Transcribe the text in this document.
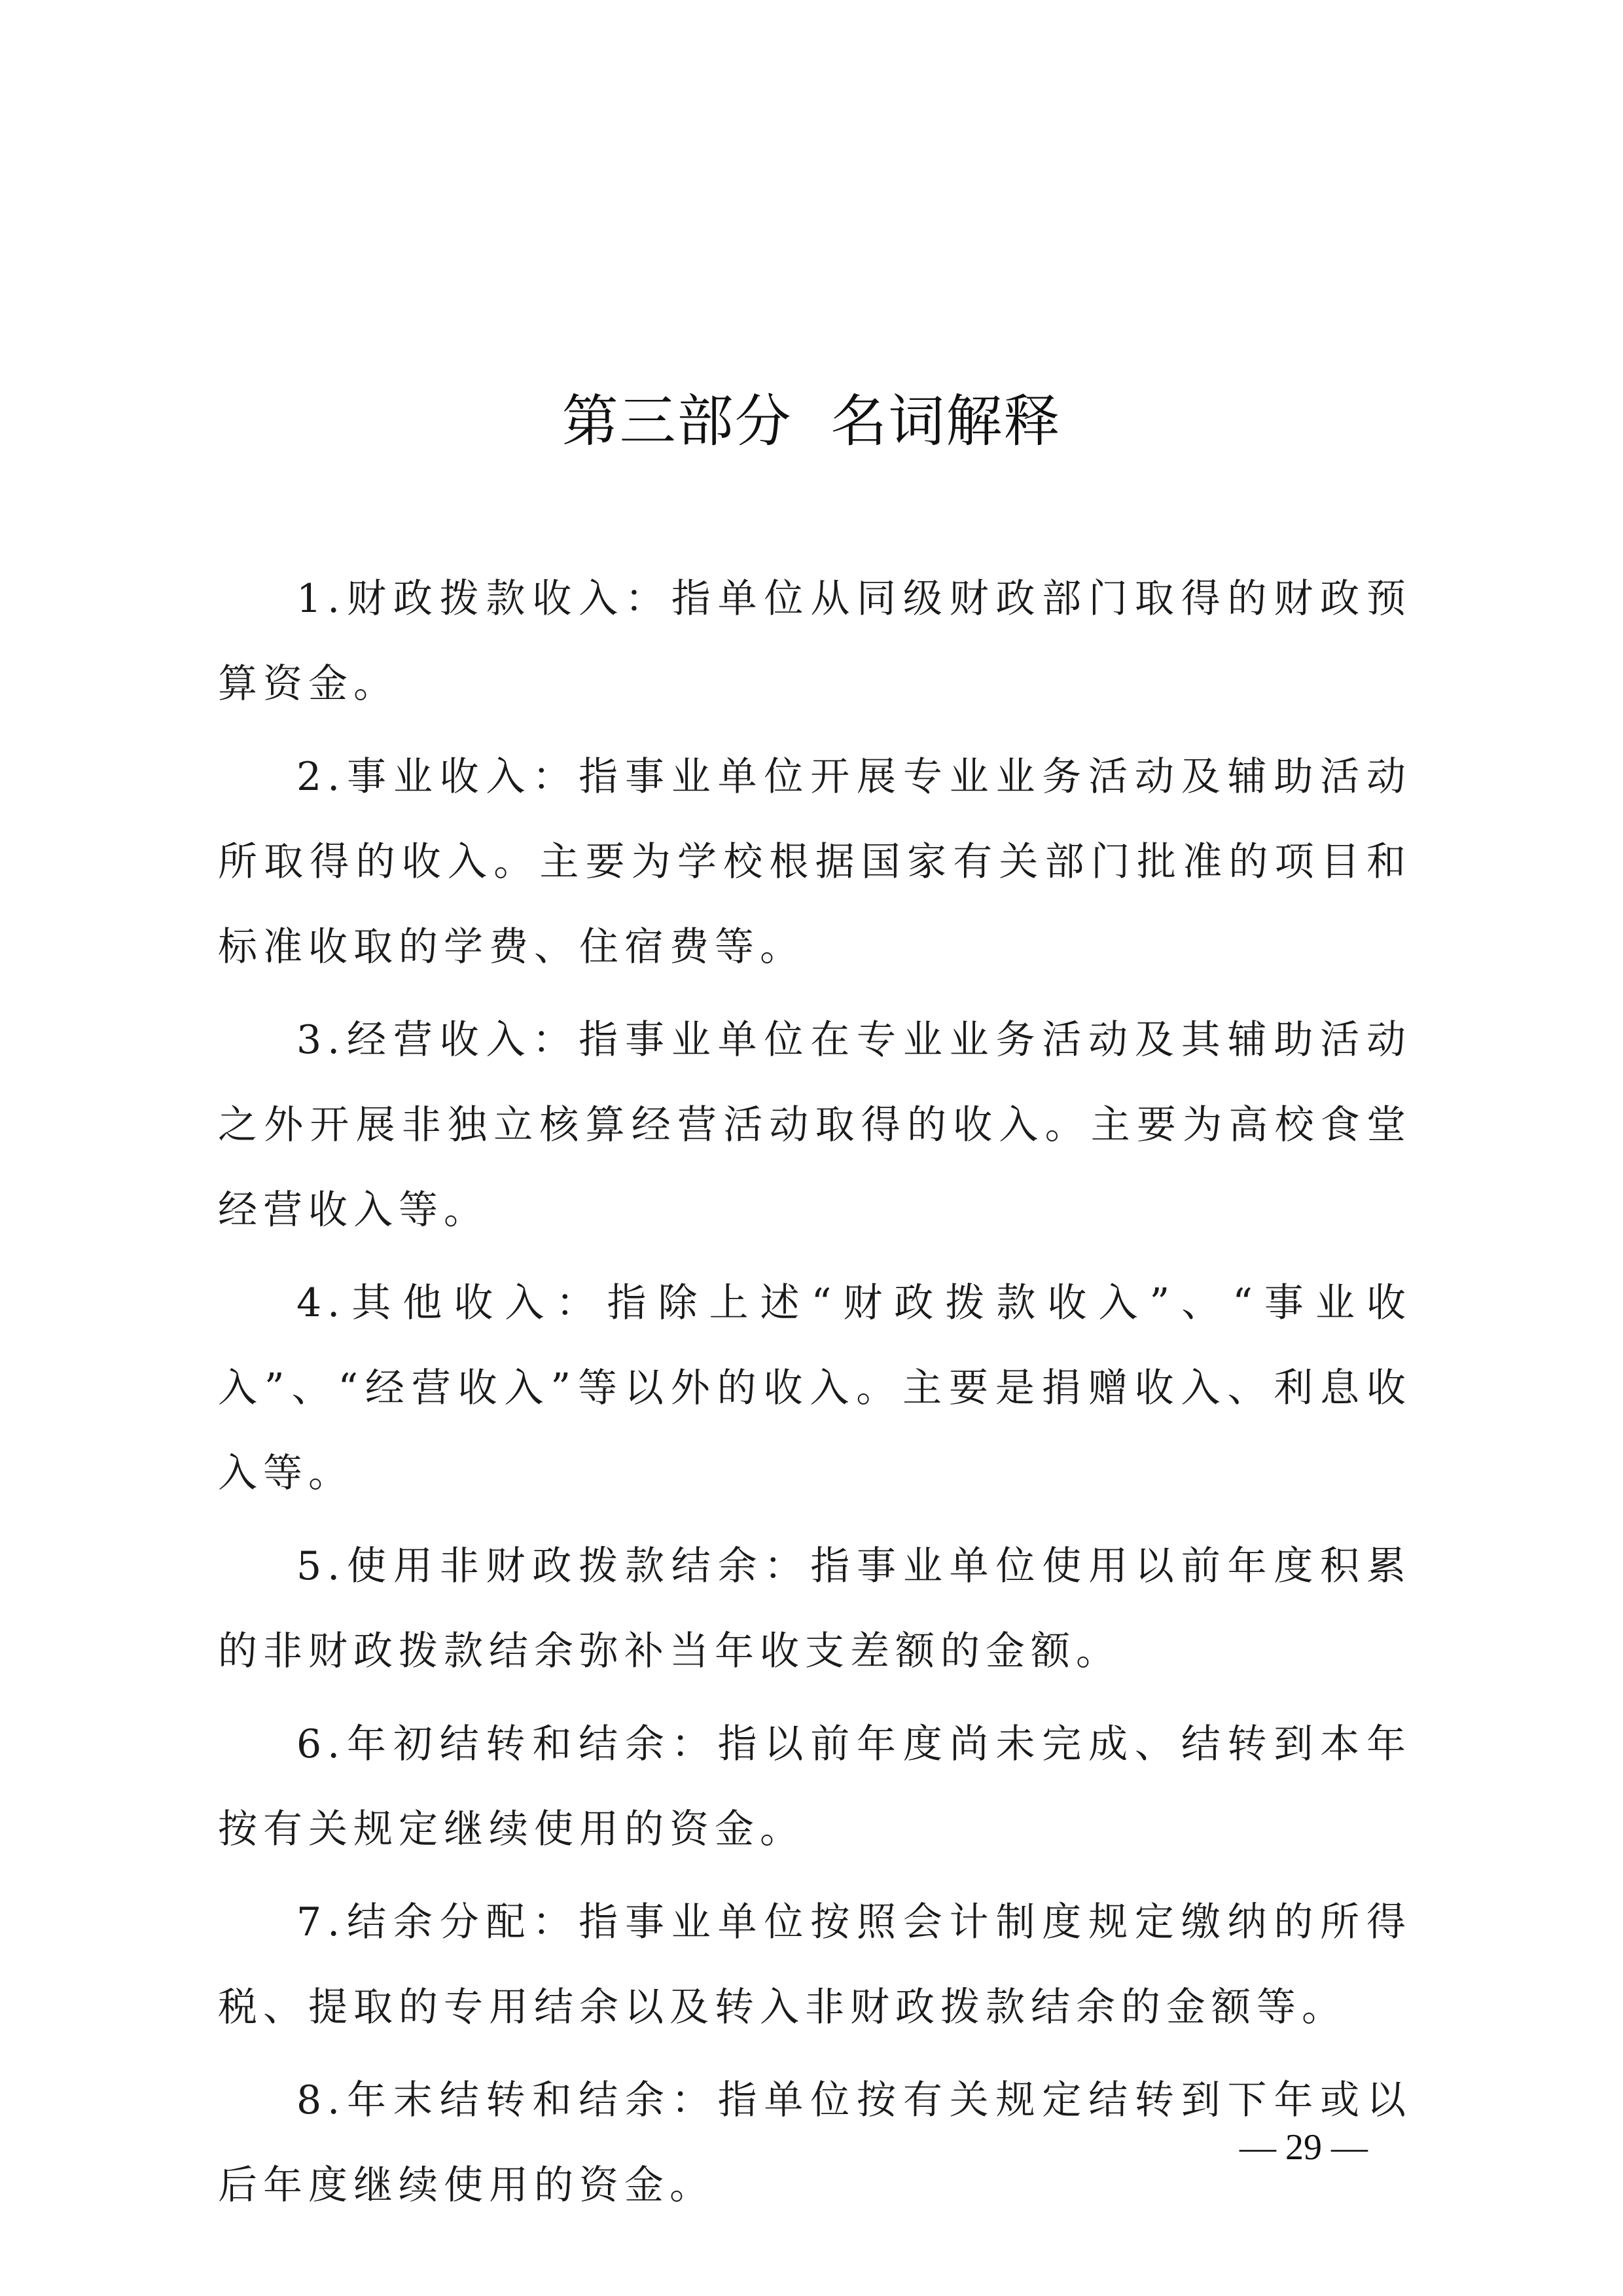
第三部分  名词解释

1.财政拨款收入：指单位从同级财政部门取得的财政预算资金。

2.事业收入：指事业单位开展专业业务活动及辅助活动所取得的收入。主要为学校根据国家有关部门批准的项目和标准收取的学费、住宿费等。

3.经营收入：指事业单位在专业业务活动及其辅助活动之外开展非独立核算经营活动取得的收入。主要为高校食堂经营收入等。

4.其他收入：指除上述“财政拨款收入”、“事业收入”、“经营收入”等以外的收入。主要是捐赠收入、利息收入等。

5.使用非财政拨款结余：指事业单位使用以前年度积累的非财政拨款结余弥补当年收支差额的金额。

6.年初结转和结余：指以前年度尚未完成、结转到本年按有关规定继续使用的资金。

7.结余分配：指事业单位按照会计制度规定缴纳的所得税、提取的专用结余以及转入非财政拨款结余的金额等。

8.年末结转和结余：指单位按有关规定结转到下年或以后年度继续使用的资金。

— 29 —
